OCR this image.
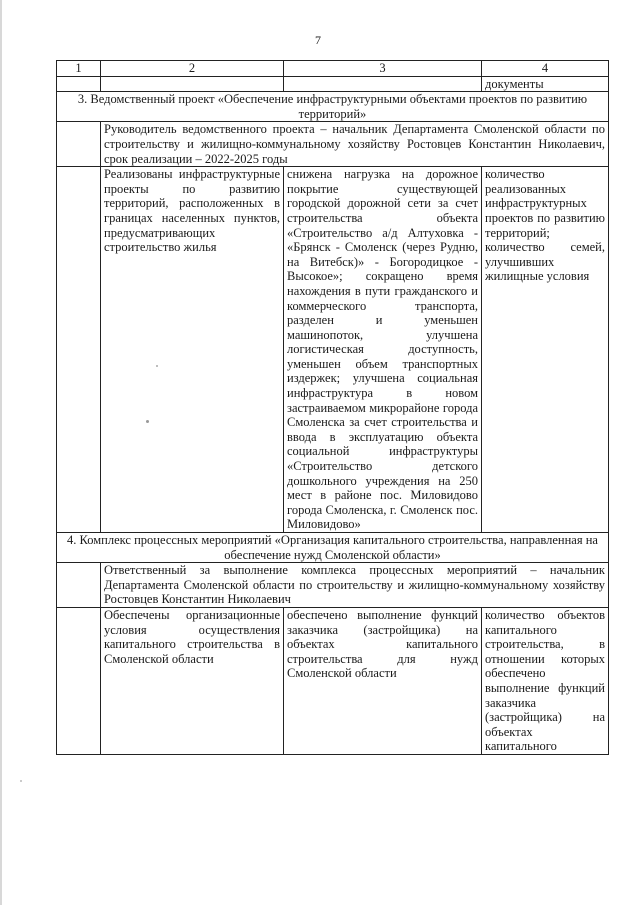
7
1	2	3	4
			документы
3. Ведомственный проект «Обеспечение инфраструктурными объектами проектов по развитию территорий»			
	Руководитель ведомственного проекта – начальник Департамента Смоленской области по строительству и жилищно-коммунальному хозяйству Ростовцев Константин Николаевич, срок реализации – 2022-2025 годы		
	Реализованы инфраструктурные проекты по развитию территорий, расположенных в границах населенных пунктов, предусматривающих строительство жилья	снижена нагрузка на дорожное покрытие существующей городской дорожной сети за счет строительства объекта «Строительство а/д Алтуховка - «Брянск - Смоленск (через Рудню, на Витебск)» - Богородицкое - Высокое»; сокращено время нахождения в пути гражданского и коммерческого транспорта, разделен и уменьшен машинопоток, улучшена логистическая доступность, уменьшен объем транспортных издержек; улучшена социальная инфраструктура в новом застраиваемом микрорайоне города Смоленска за счет строительства и ввода в эксплуатацию объекта социальной инфраструктуры «Строительство детского дошкольного учреждения на 250 мест в районе пос. Миловидово города Смоленска, г. Смоленск пос. Миловидово»	количество реализованных инфраструктурных проектов по развитию территорий; количество семей, улучшивших жилищные условия
4. Комплекс процессных мероприятий «Организация капитального строительства, направленная на обеспечение нужд Смоленской области»			
	Ответственный за выполнение комплекса процессных мероприятий – начальник Департамента Смоленской области по строительству и жилищно-коммунальному хозяйству Ростовцев Константин Николаевич		
	Обеспечены организационные условия осуществления капитального строительства в Смоленской области	обеспечено выполнение функций заказчика (застройщика) на объектах капитального строительства для нужд Смоленской области	количество объектов капитального строительства, в отношении которых обеспечено выполнение функций заказчика (застройщика) на объектах капитального
